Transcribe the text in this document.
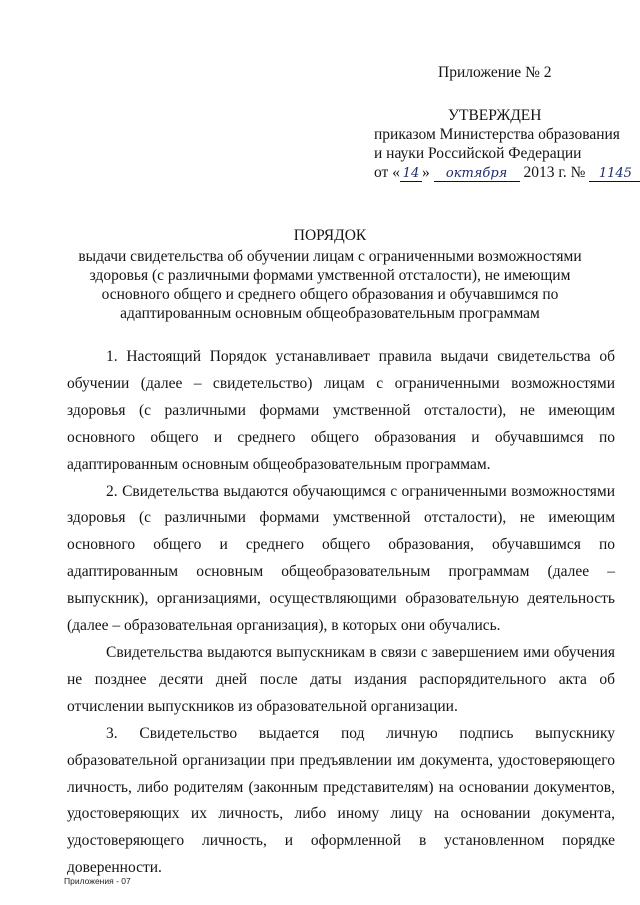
Приложение № 2
УТВЕРЖДЕН
приказом Министерства образования
и науки Российской Федерации
от « 14 » октября 2013 г. № 1145
ПОРЯДОК
выдачи свидетельства об обучении лицам с ограниченными возможностями здоровья (с различными формами умственной отсталости), не имеющим основного общего и среднего общего образования и обучавшимся по адаптированным основным общеобразовательным программам

1. Настоящий Порядок устанавливает правила выдачи свидетельства об обучении (далее – свидетельство) лицам с ограниченными возможностями здоровья (с различными формами умственной отсталости), не имеющим основного общего и среднего общего образования и обучавшимся по адаптированным основным общеобразовательным программам.

2. Свидетельства выдаются обучающимся с ограниченными возможностями здоровья (с различными формами умственной отсталости), не имеющим основного общего и среднего общего образования, обучавшимся по адаптированным основным общеобразовательным программам (далее – выпускник), организациями, осуществляющими образовательную деятельность (далее – образовательная организация), в которых они обучались.

Свидетельства выдаются выпускникам в связи с завершением ими обучения не позднее десяти дней после даты издания распорядительного акта об отчислении выпускников из образовательной организации.

3. Свидетельство выдается под личную подпись выпускнику образовательной организации при предъявлении им документа, удостоверяющего личность, либо родителям (законным представителям) на основании документов, удостоверяющих их личность, либо иному лицу на основании документа, удостоверяющего личность, и оформленной в установленном порядке доверенности.

Приложения - 07
